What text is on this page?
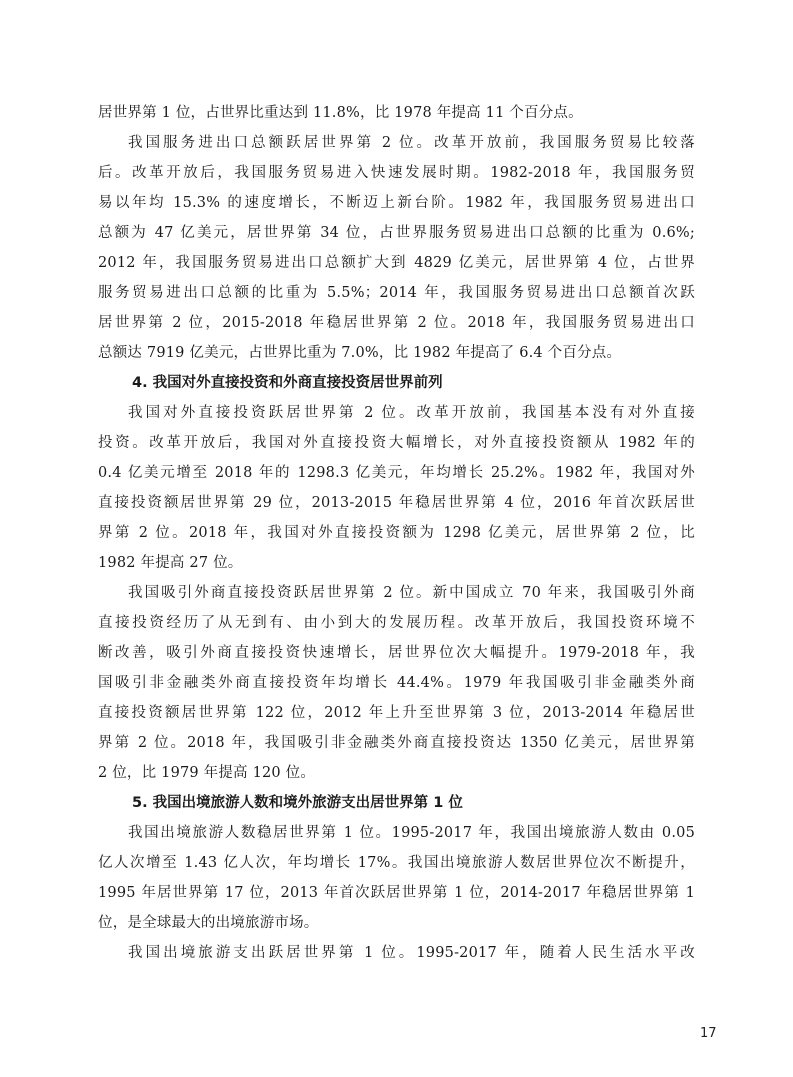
居世界第 1 位，占世界比重达到 11.8%，比 1978 年提高 11 个百分点。
我国服务进出口总额跃居世界第 2 位。改革开放前，我国服务贸易比较落
后。改革开放后，我国服务贸易进入快速发展时期。1982-2018 年，我国服务贸
易以年均 15.3% 的速度增长，不断迈上新台阶。1982 年，我国服务贸易进出口
总额为 47 亿美元，居世界第 34 位，占世界服务贸易进出口总额的比重为 0.6%;
2012 年，我国服务贸易进出口总额扩大到 4829 亿美元，居世界第 4 位，占世界
服务贸易进出口总额的比重为 5.5%；2014 年，我国服务贸易进出口总额首次跃
居世界第 2 位，2015-2018 年稳居世界第 2 位。2018 年，我国服务贸易进出口
总额达 7919 亿美元，占世界比重为 7.0%，比 1982 年提高了 6.4 个百分点。
4. 我国对外直接投资和外商直接投资居世界前列
我国对外直接投资跃居世界第 2 位。改革开放前，我国基本没有对外直接
投资。改革开放后，我国对外直接投资大幅增长，对外直接投资额从 1982 年的
0.4 亿美元增至 2018 年的 1298.3 亿美元，年均增长 25.2%。1982 年，我国对外
直接投资额居世界第 29 位，2013-2015 年稳居世界第 4 位，2016 年首次跃居世
界第 2 位。2018 年，我国对外直接投资额为 1298 亿美元，居世界第 2 位，比
1982 年提高 27 位。
我国吸引外商直接投资跃居世界第 2 位。新中国成立 70 年来，我国吸引外商
直接投资经历了从无到有、由小到大的发展历程。改革开放后，我国投资环境不
断改善，吸引外商直接投资快速增长，居世界位次大幅提升。1979-2018 年，我
国吸引非金融类外商直接投资年均增长 44.4%。1979 年我国吸引非金融类外商
直接投资额居世界第 122 位，2012 年上升至世界第 3 位，2013-2014 年稳居世
界第 2 位。2018 年，我国吸引非金融类外商直接投资达 1350 亿美元，居世界第
2 位，比 1979 年提高 120 位。
5. 我国出境旅游人数和境外旅游支出居世界第 1 位
我国出境旅游人数稳居世界第 1 位。1995-2017 年，我国出境旅游人数由 0.05
亿人次增至 1.43 亿人次，年均增长 17%。我国出境旅游人数居世界位次不断提升，
1995 年居世界第 17 位，2013 年首次跃居世界第 1 位，2014-2017 年稳居世界第 1
位，是全球最大的出境旅游市场。
我国出境旅游支出跃居世界第 1 位。1995-2017 年，随着人民生活水平改
17
